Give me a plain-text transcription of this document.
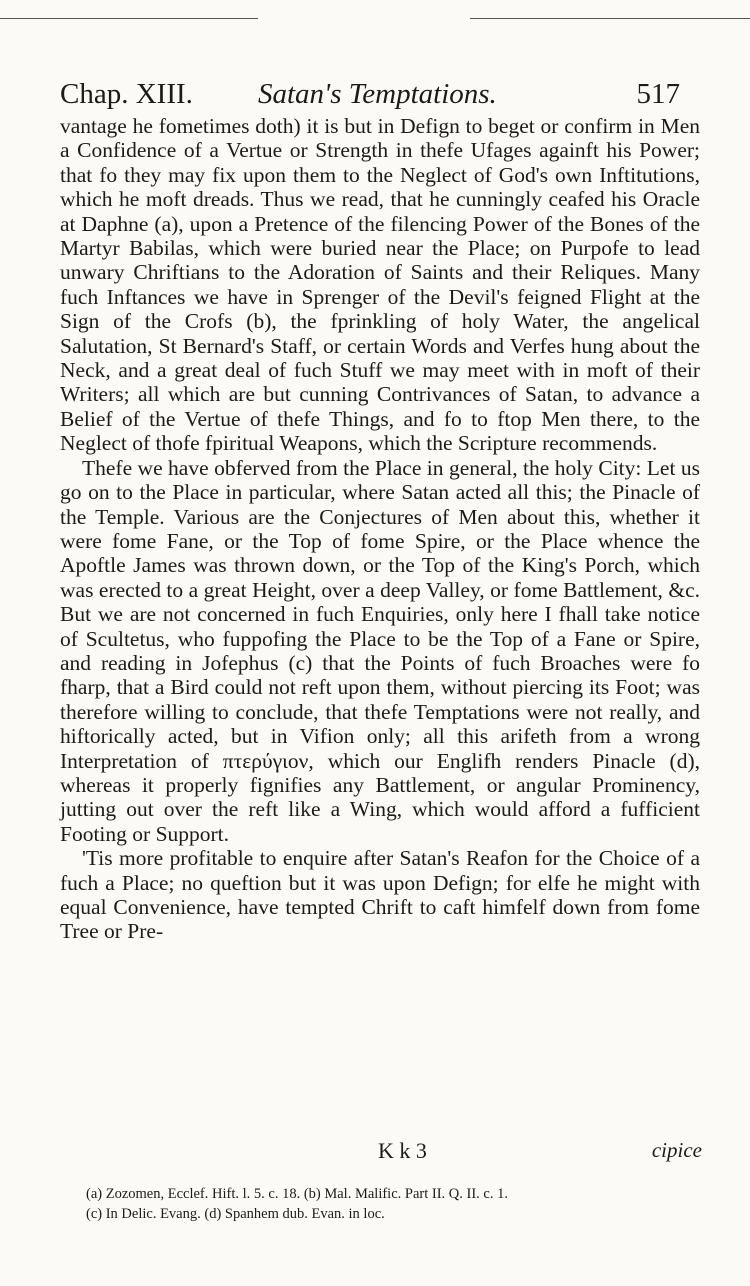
Chap. XIII. Satan's Temptations.	517

vantage he fometimes doth) it is but in Defign to beget or confirm in Men a Confidence of a Vertue or Strength in thefe Ufages againft his Power; that fo they may fix upon them to the Neglect of God's own Inftitutions, which he moft dreads. Thus we read, that he cunningly ceafed his Oracle at Daphne (a), upon a Pretence of the filencing Power of the Bones of the Martyr Babilas, which were buried near the Place; on Purpofe to lead unwary Chriftians to the Adoration of Saints and their Reliques. Many fuch Inftances we have in Sprenger of the Devil's feigned Flight at the Sign of the Crofs (b), the fprinkling of holy Water, the angelical Salutation, St Bernard's Staff, or certain Words and Verfes hung about the Neck, and a great deal of fuch Stuff we may meet with in moft of their Writers; all which are but cunning Contrivances of Satan, to advance a Belief of the Vertue of thefe Things, and fo to ftop Men there, to the Neglect of thofe fpiritual Weapons, which the Scripture recommends.

Thefe we have obferved from the Place in general, the holy City: Let us go on to the Place in particular, where Satan acted all this; the Pinacle of the Temple. Various are the Conjectures of Men about this, whether it were fome Fane, or the Top of fome Spire, or the Place whence the Apoftle James was thrown down, or the Top of the King's Porch, which was erected to a great Height, over a deep Valley, or fome Battlement, &c. But we are not concerned in fuch Enquiries, only here I fhall take notice of Scultetus, who fuppofing the Place to be the Top of a Fane or Spire, and reading in Jofephus (c) that the Points of fuch Broaches were fo fharp, that a Bird could not reft upon them, without piercing its Foot; was therefore willing to conclude, that thefe Temptations were not really, and hiftorically acted, but in Vifion only; all this arifeth from a wrong Interpretation of πτερύγιον, which our Englifh renders Pinacle (d), whereas it properly fignifies any Battlement, or angular Prominency, jutting out over the reft like a Wing, which would afford a fufficient Footing or Support.

'Tis more profitable to enquire after Satan's Reafon for the Choice of a fuch a Place; no queftion but it was upon Defign; for elfe he might with equal Convenience, have tempted Chrift to caft himfelf down from fome Tree or Pre-

K k 3	cipice
(a) Zozomen, Ecclef. Hift. l. 5. c. 18. (b) Mal. Malific. Part II. Q. II. c. 1.
(c) In Delic. Evang. (d) Spanhem dub. Evan. in loc.
